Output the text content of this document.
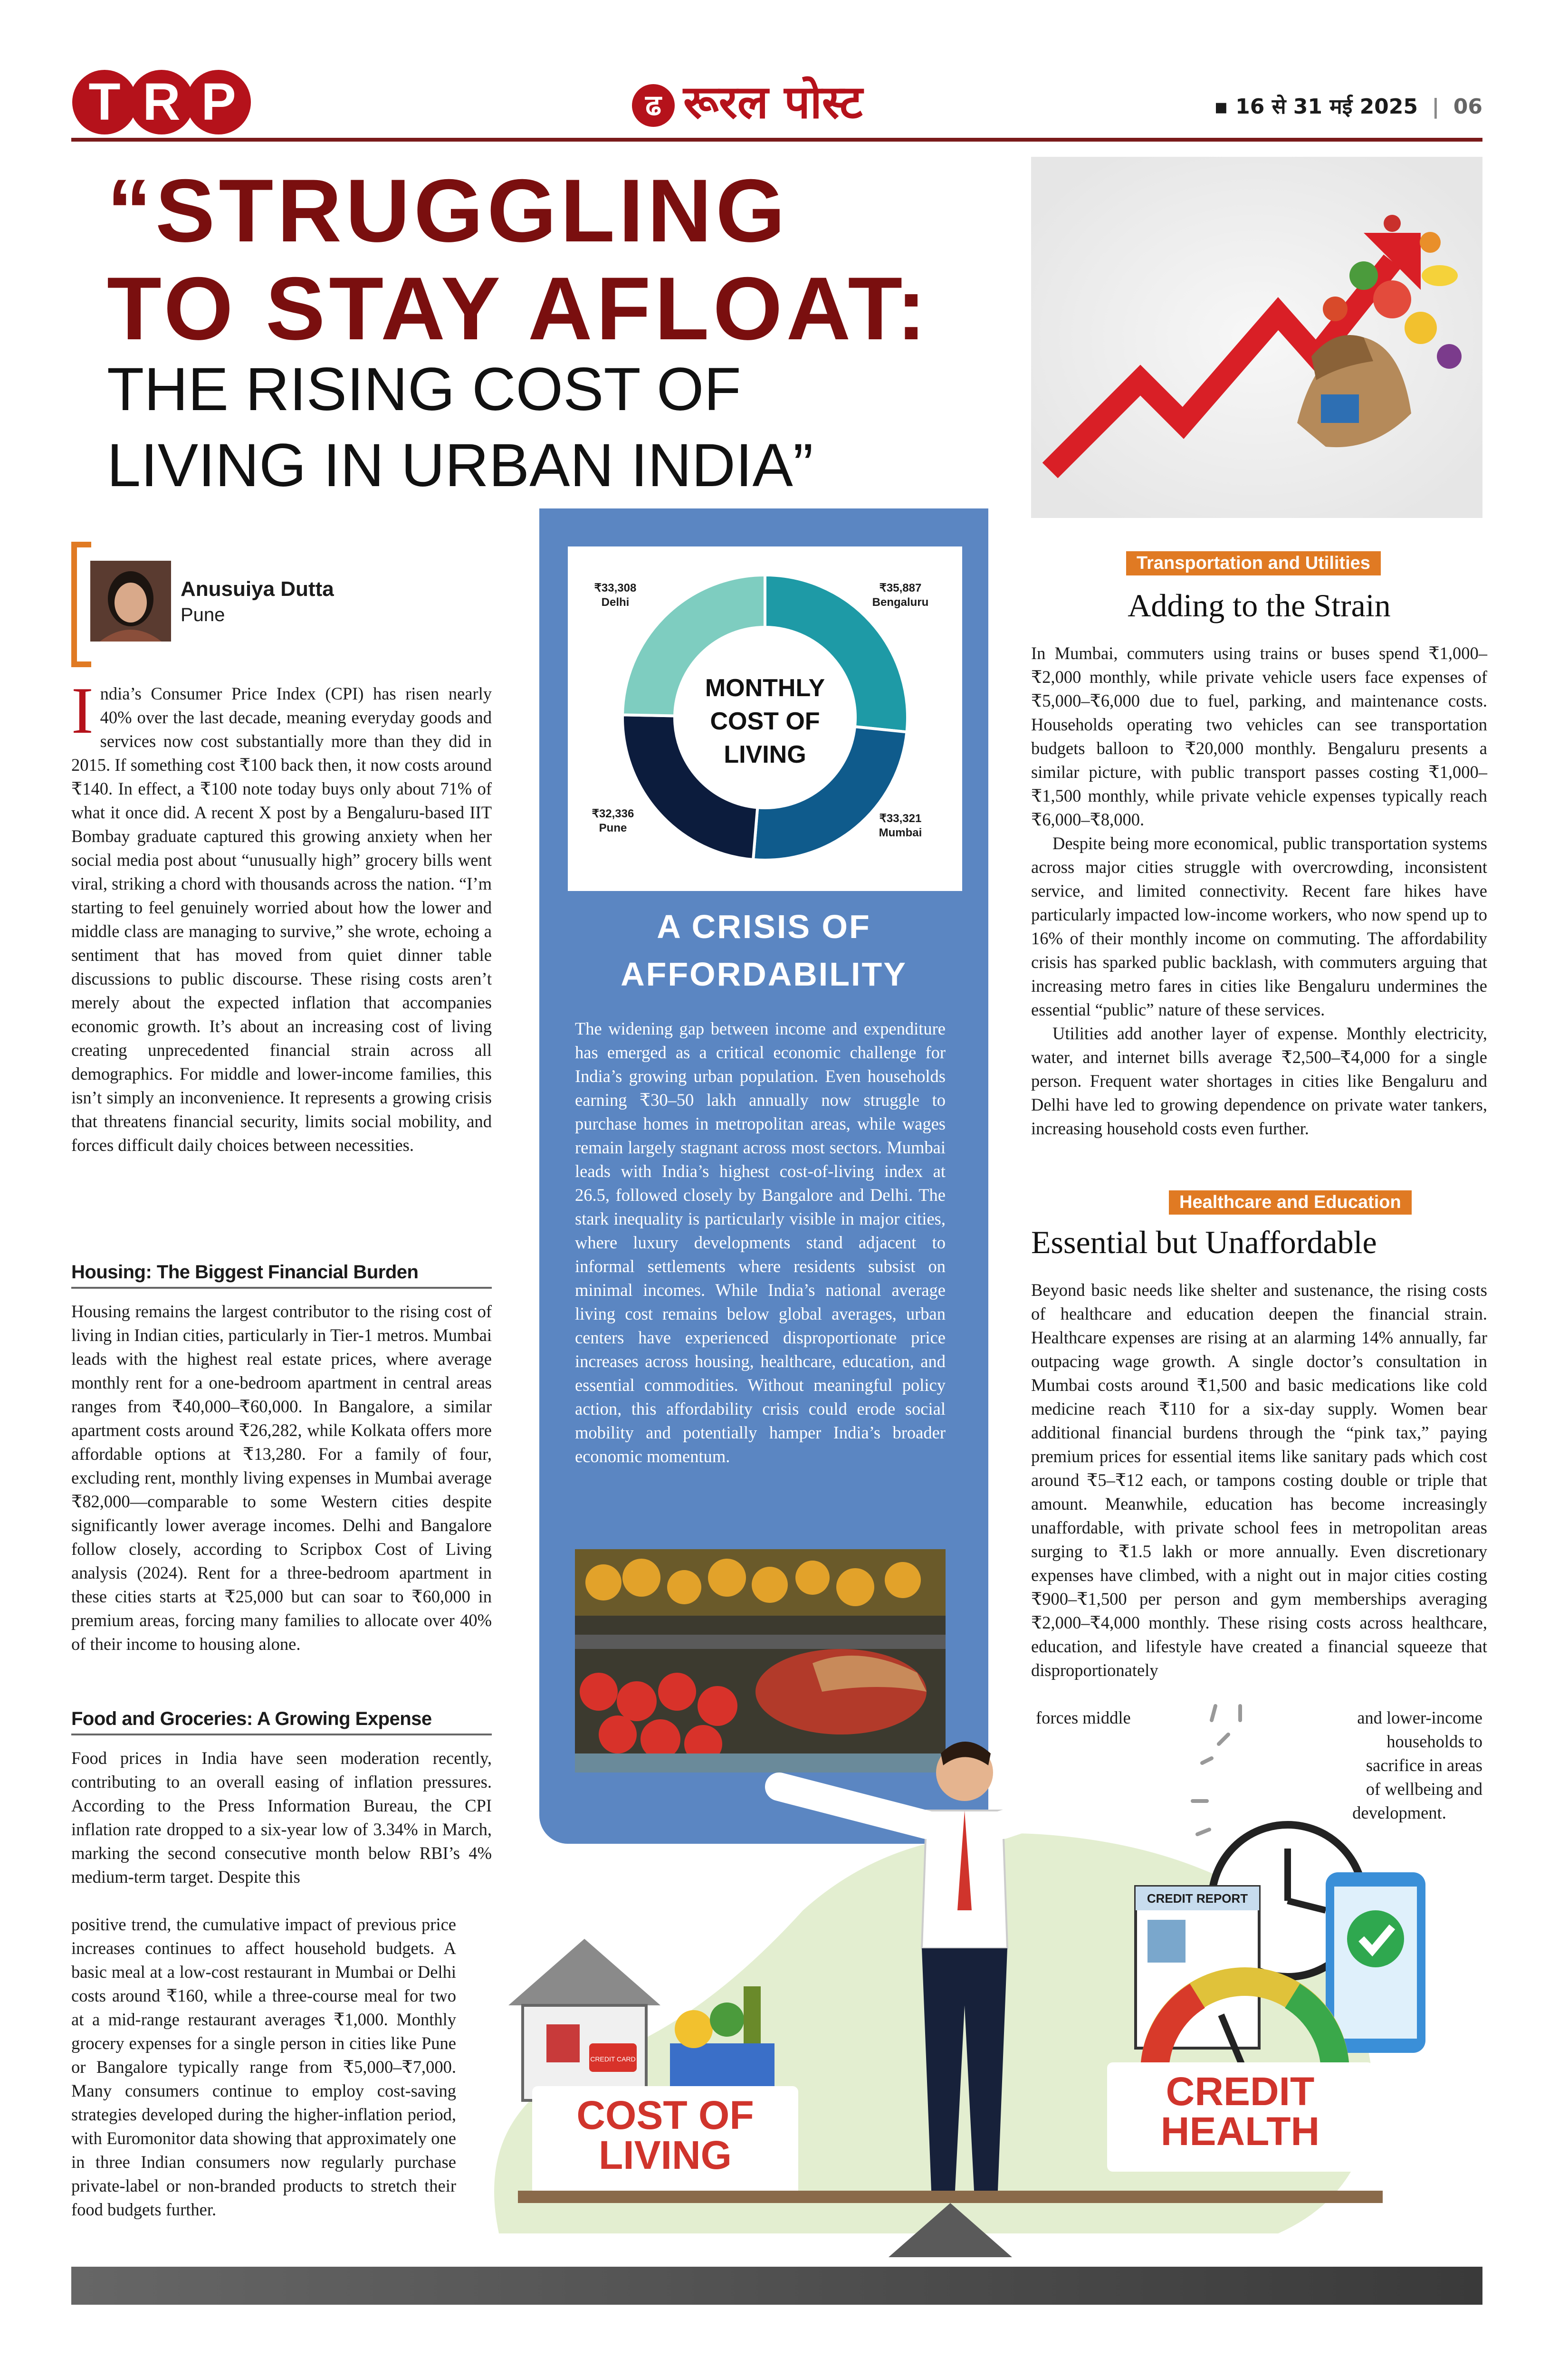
T R P	ढ रूरल पोस्ट	▪ 16 से 31 मई 2025 | 06
“STRUGGLING
TO STAY AFLOAT:
THE RISING COST OF
LIVING IN URBAN INDIA”
Anusuiya Dutta
Pune
India’s Consumer Price Index (CPI) has risen nearly 40% over the last decade, meaning everyday goods and services now cost substantially more than they did in 2015. If something cost ₹100 back then, it now costs around ₹140. In effect, a ₹100 note today buys only about 71% of what it once did. A recent X post by a Bengaluru-based IIT Bombay graduate captured this growing anxiety when her social media post about “unusually high” grocery bills went viral, striking a chord with thousands across the nation. “I’m starting to feel genuinely worried about how the lower and middle class are managing to survive,” she wrote, echoing a sentiment that has moved from quiet dinner table discussions to public discourse. These rising costs aren’t merely about the expected inflation that accompanies economic growth. It’s about an increasing cost of living creating unprecedented financial strain across all demographics. For middle and lower-income families, this isn’t simply an inconvenience. It represents a growing crisis that threatens financial security, limits social mobility, and forces difficult daily choices between necessities.
Housing: The Biggest Financial Burden
Housing remains the largest contributor to the rising cost of living in Indian cities, particularly in Tier-1 metros. Mumbai leads with the highest real estate prices, where average monthly rent for a one-bedroom apartment in central areas ranges from ₹40,000–₹60,000. In Bangalore, a similar apartment costs around ₹26,282, while Kolkata offers more affordable options at ₹13,280. For a family of four, excluding rent, monthly living expenses in Mumbai average ₹82,000—comparable to some Western cities despite significantly lower average incomes. Delhi and Bangalore follow closely, according to Scripbox Cost of Living analysis (2024). Rent for a three-bedroom apartment in these cities starts at ₹25,000 but can soar to ₹60,000 in premium areas, forcing many families to allocate over 40% of their income to housing alone.
Food and Groceries: A Growing Expense
Food prices in India have seen moderation recently, contributing to an overall easing of inflation pressures. According to the Press Information Bureau, the CPI inflation rate dropped to a six-year low of 3.34% in March, marking the second consecutive month below RBI’s 4% medium-term target. Despite this
positive trend, the cumulative impact of previous price increases continues to affect household budgets. A basic meal at a low-cost restaurant in Mumbai or Delhi costs around ₹160, while a three-course meal for two at a mid-range restaurant averages ₹1,000. Monthly grocery expenses for a single person in cities like Pune or Bangalore typically range from ₹5,000–₹7,000. Many consumers continue to employ cost-saving strategies developed during the higher-inflation period, with Euromonitor data showing that approximately one in three Indian consumers now regularly purchase private-label or non-branded products to stretch their food budgets further.
₹35,887
Bengaluru
₹33,321
Mumbai
₹32,336
Pune
₹33,308
Delhi
MONTHLY
COST OF
LIVING
A CRISIS OF
AFFORDABILITY
The widening gap between income and expenditure has emerged as a critical economic challenge for India’s growing urban population. Even households earning ₹30–50 lakh annually now struggle to purchase homes in metropolitan areas, while wages remain largely stagnant across most sectors. Mumbai leads with India’s highest cost-of-living index at 26.5, followed closely by Bangalore and Delhi. The stark inequality is particularly visible in major cities, where luxury developments stand adjacent to informal settlements where residents subsist on minimal incomes. While India’s national average living cost remains below global averages, urban centers have experienced disproportionate price increases across housing, healthcare, education, and essential commodities. Without meaningful policy action, this affordability crisis could erode social mobility and potentially hamper India’s broader economic momentum.
Transportation and Utilities
Adding to the Strain
In Mumbai, commuters using trains or buses spend ₹1,000–₹2,000 monthly, while private vehicle users face expenses of ₹5,000–₹6,000 due to fuel, parking, and maintenance costs. Households operating two vehicles can see transportation budgets balloon to ₹20,000 monthly. Bengaluru presents a similar picture, with public transport passes costing ₹1,000–₹1,500 monthly, while private vehicle expenses typically reach ₹6,000–₹8,000.
Despite being more economical, public transportation systems across major cities struggle with overcrowding, inconsistent service, and limited connectivity. Recent fare hikes have particularly impacted low-income workers, who now spend up to 16% of their monthly income on commuting. The affordability crisis has sparked public backlash, with commuters arguing that increasing metro fares in cities like Bengaluru undermines the essential “public” nature of these services.
Utilities add another layer of expense. Monthly electricity, water, and internet bills average ₹2,500–₹4,000 for a single person. Frequent water shortages in cities like Bengaluru and Delhi have led to growing dependence on private water tankers, increasing household costs even further.
Healthcare and Education
Essential but Unaffordable
Beyond basic needs like shelter and sustenance, the rising costs of healthcare and education deepen the financial strain. Healthcare expenses are rising at an alarming 14% annually, far outpacing wage growth. A single doctor’s consultation in Mumbai costs around ₹1,500 and basic medications like cold medicine reach ₹110 for a six-day supply. Women bear additional financial burdens through the “pink tax,” paying premium prices for essential items like sanitary pads which cost around ₹5–₹12 each, or tampons costing double or triple that amount. Meanwhile, education has become increasingly unaffordable, with private school fees in metropolitan areas surging to ₹1.5 lakh or more annually. Even discretionary expenses have climbed, with a night out in major cities costing ₹900–₹1,500 per person and gym memberships averaging ₹2,000–₹4,000 monthly. These rising costs across healthcare, education, and lifestyle have created a financial squeeze that disproportionately
forces middle	and lower-income
households to
sacrifice in areas
of wellbeing and
development.
CREDIT REPORT
CREDIT HEALTH
CREDIT CARD
COST OF LIVING
